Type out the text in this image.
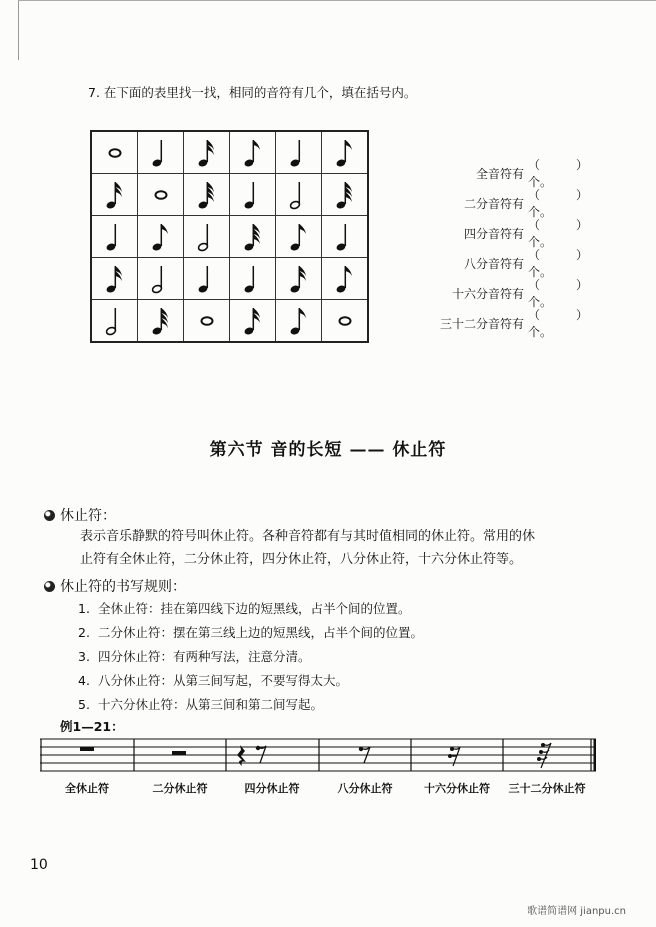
7. 在下面的表里找一找，相同的音符有几个，填在括号内。

全音符有
（　　　）个。
二分音符有
（　　　）个。
四分音符有
（　　　）个。
八分音符有
（　　　）个。
十六分音符有
（　　　）个。
三十二分音符有
（　　　）个。
第六节 音的长短 —— 休止符
休止符：
表示音乐静默的符号叫休止符。各种音符都有与其时值相同的休止符。常用的休
止符有全休止符，二分休止符，四分休止符，八分休止符，十六分休止符等。
休止符的书写规则：
1. 全休止符：挂在第四线下边的短黑线，占半个间的位置。
2. 二分休止符：摆在第三线上边的短黑线，占半个间的位置。
3. 四分休止符：有两种写法，注意分清。
4. 八分休止符：从第三间写起，不要写得太大。
5. 十六分休止符：从第三间和第二间写起。
例1—21：
全休止符	二分休止符	四分休止符	八分休止符	十六分休止符 三十二分休止符
10
歌谱简谱网 jianpu.cn
